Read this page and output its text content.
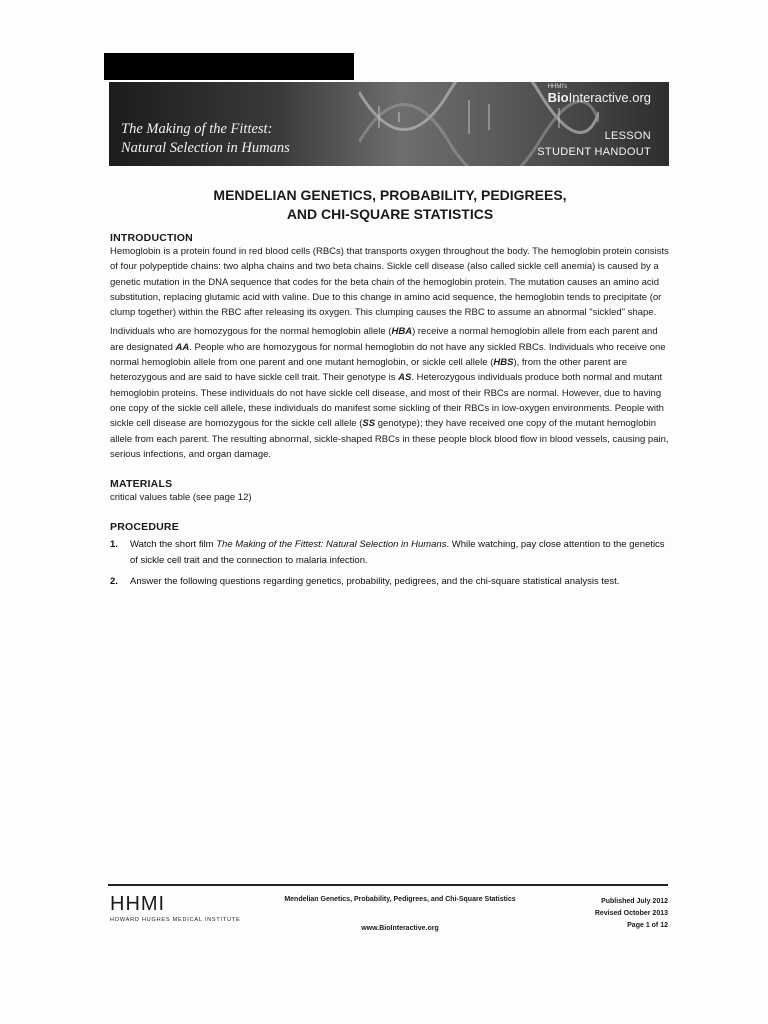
The Making of the Fittest:
Natural Selection in Humans
HHMI's
BioInteractive.org
LESSON
STUDENT HANDOUT
MENDELIAN GENETICS, PROBABILITY, PEDIGREES,
AND CHI-SQUARE STATISTICS
INTRODUCTION

Hemoglobin is a protein found in red blood cells (RBCs) that transports oxygen throughout the body. The hemoglobin protein consists of four polypeptide chains: two alpha chains and two beta chains. Sickle cell disease (also called sickle cell anemia) is caused by a genetic mutation in the DNA sequence that codes for the beta chain of the hemoglobin protein. The mutation causes an amino acid substitution, replacing glutamic acid with valine. Due to this change in amino acid sequence, the hemoglobin tends to precipitate (or clump together) within the RBC after releasing its oxygen. This clumping causes the RBC to assume an abnormal "sickled" shape.

Individuals who are homozygous for the normal hemoglobin allele (HBA) receive a normal hemoglobin allele from each parent and are designated AA. People who are homozygous for normal hemoglobin do not have any sickled RBCs. Individuals who receive one normal hemoglobin allele from one parent and one mutant hemoglobin, or sickle cell allele (HBS), from the other parent are heterozygous and are said to have sickle cell trait. Their genotype is AS. Heterozygous individuals produce both normal and mutant hemoglobin proteins. These individuals do not have sickle cell disease, and most of their RBCs are normal. However, due to having one copy of the sickle cell allele, these individuals do manifest some sickling of their RBCs in low-oxygen environments. People with sickle cell disease are homozygous for the sickle cell allele (SS genotype); they have received one copy of the mutant hemoglobin allele from each parent. The resulting abnormal, sickle-shaped RBCs in these people block blood flow in blood vessels, causing pain, serious infections, and organ damage.

MATERIALS

critical values table (see page 12)

PROCEDURE
1. Watch the short film The Making of the Fittest: Natural Selection in Humans. While watching, pay close attention to the genetics of sickle cell trait and the connection to malaria infection.
2. Answer the following questions regarding genetics, probability, pedigrees, and the chi-square statistical analysis test.
HHMI
HOWARD HUGHES MEDICAL INSTITUTE
Mendelian Genetics, Probability, Pedigrees, and Chi-Square Statistics
www.BioInteractive.org
Published July 2012
Revised October 2013
Page 1 of 12
